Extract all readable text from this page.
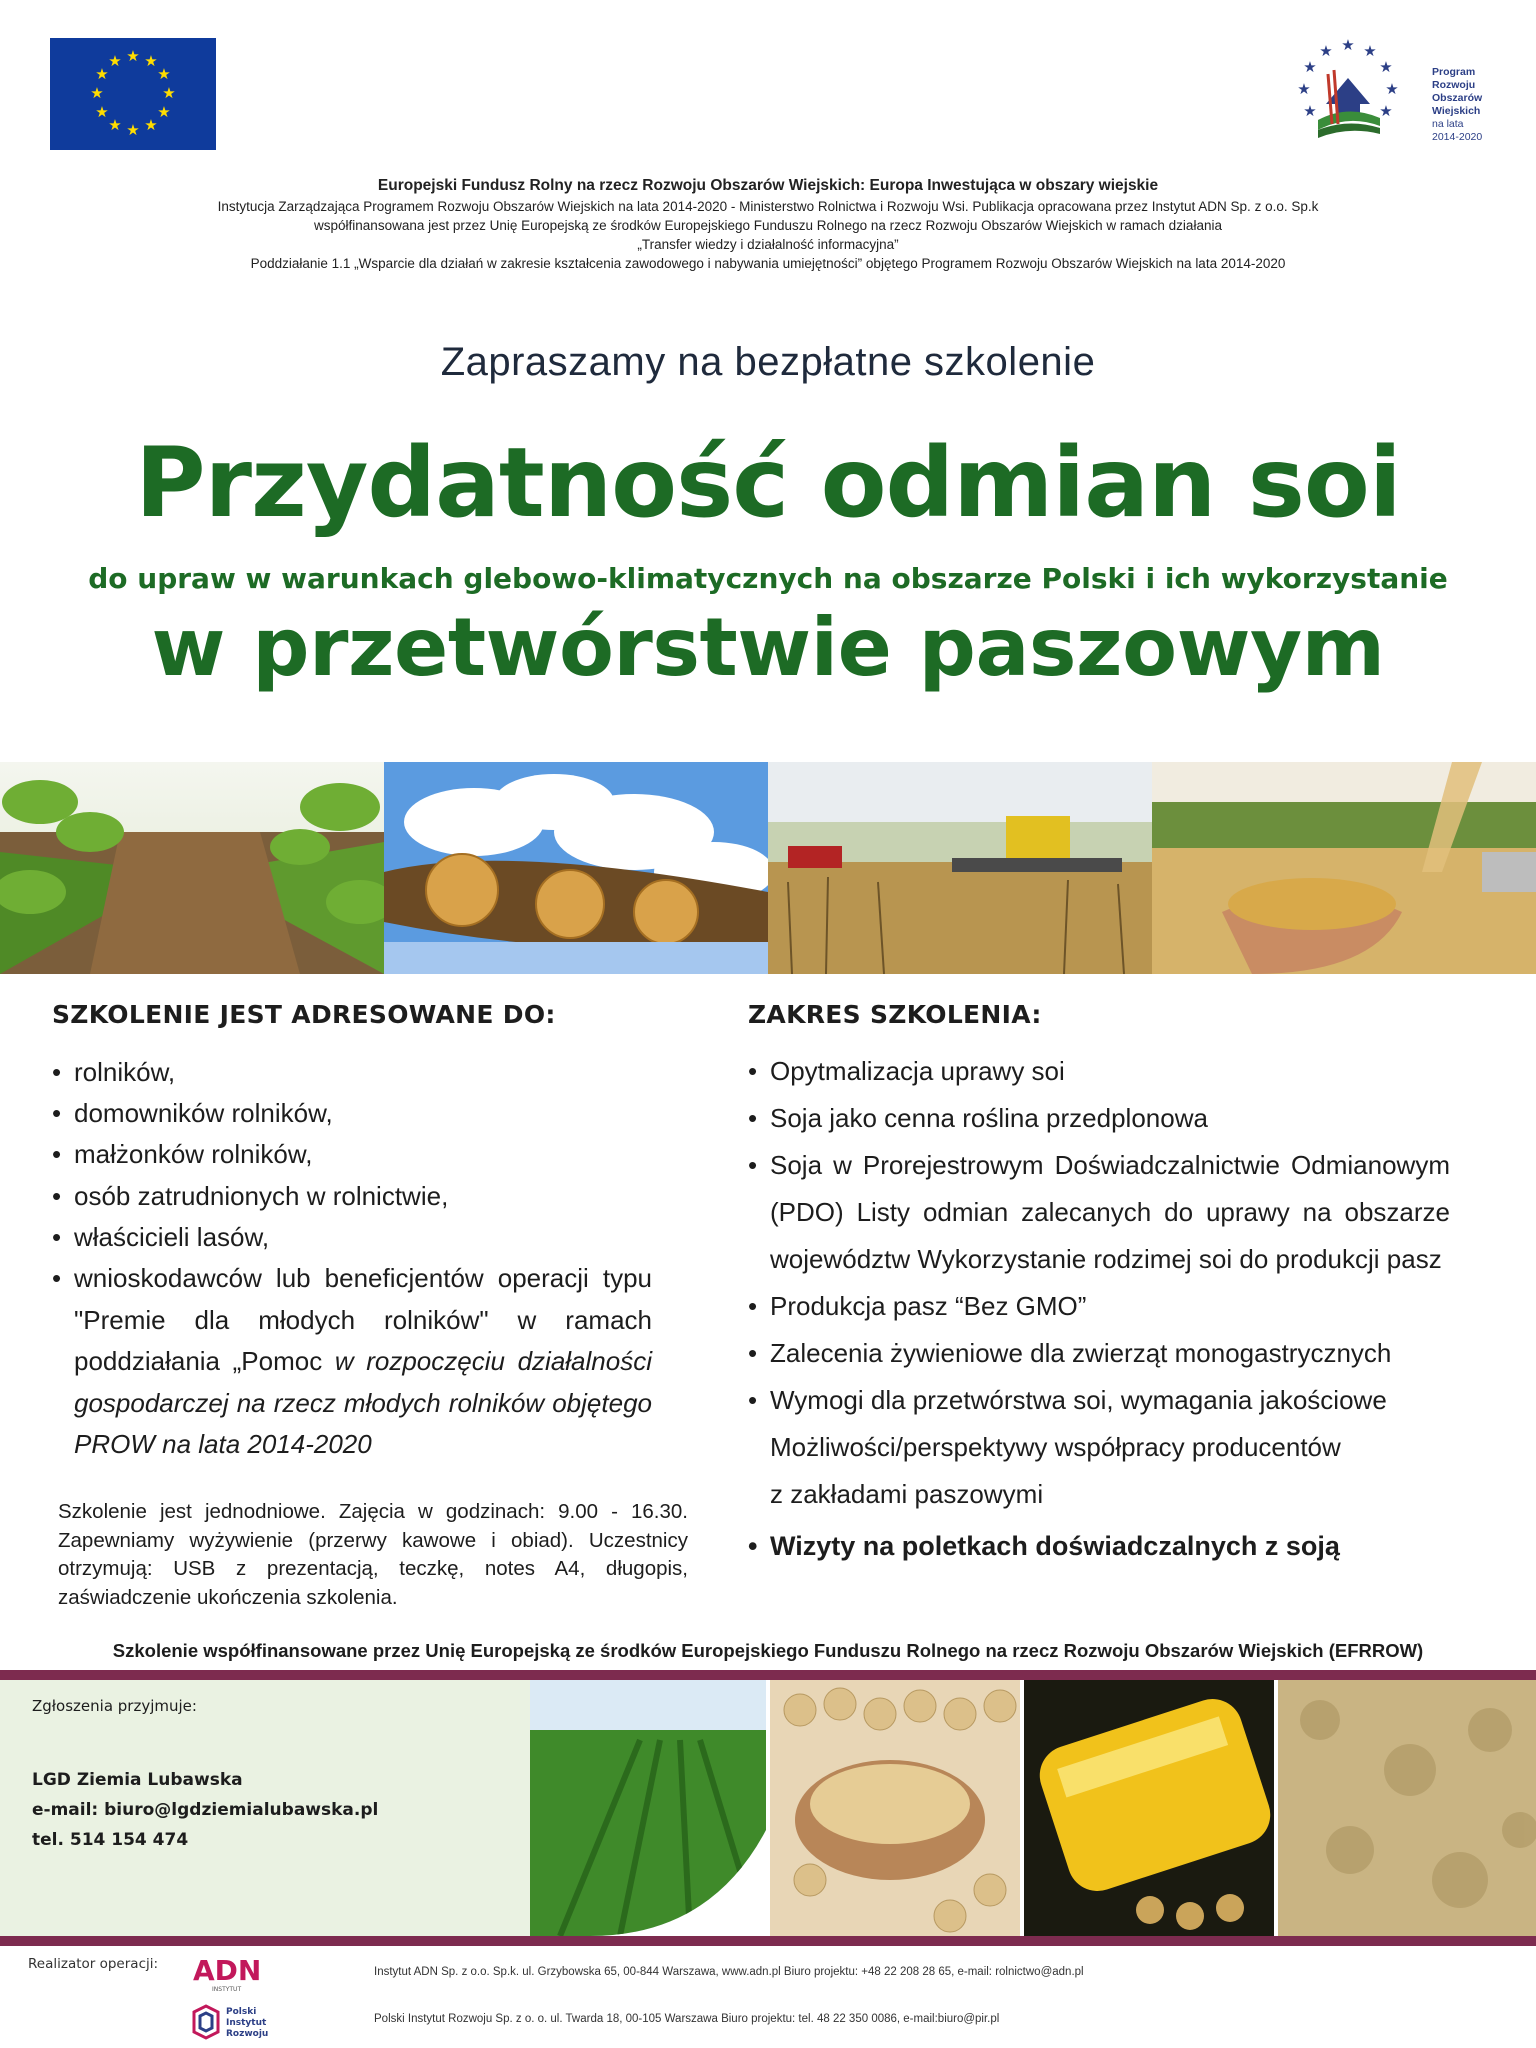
★ ★
★
★
★
★
★
★
★
★
★
★
★ ★
★
★
★
★
★
★
★
Program
Rozwoju
Obszarów
Wiejskich
na lata 2014-2020
Europejski Fundusz Rolny na rzecz Rozwoju Obszarów Wiejskich: Europa Inwestująca w obszary wiejskie
Instytucja Zarządzająca Programem Rozwoju Obszarów Wiejskich na lata 2014-2020 - Ministerstwo Rolnictwa i Rozwoju Wsi. Publikacja opracowana przez Instytut ADN Sp. z o.o. Sp.k
współfinansowana jest przez Unię Europejską ze środków Europejskiego Funduszu Rolnego na rzecz Rozwoju Obszarów Wiejskich w ramach działania
„Transfer wiedzy i działalność informacyjna”
Poddziałanie 1.1 „Wsparcie dla działań w zakresie kształcenia zawodowego i nabywania umiejętności” objętego Programem Rozwoju Obszarów Wiejskich na lata 2014-2020
Zapraszamy na bezpłatne szkolenie
Przydatność odmian soi
do upraw w warunkach glebowo-klimatycznych na obszarze Polski i ich wykorzystanie
w przetwórstwie paszowym
SZKOLENIE JEST ADRESOWANE DO:
• rolników,
• domowników rolników,
• małżonków rolników,
• osób zatrudnionych w rolnictwie,
• właścicieli lasów,
• wnioskodawców lub beneficjentów operacji typu "Premie dla młodych rolników" w ramach poddziałania „Pomoc w rozpoczęciu działalności gospodarczej na rzecz młodych rolników objętego PROW na lata 2014-2020
Szkolenie jest jednodniowe. Zajęcia w godzinach: 9.00 - 16.30. Zapewniamy wyżywienie (przerwy kawowe i obiad). Uczestnicy otrzymują: USB z prezentacją, teczkę, notes A4, długopis, zaświadczenie ukończenia szkolenia.
ZAKRES SZKOLENIA:
• Opytmalizacja uprawy soi
• Soja jako cenna roślina przedplonowa
• Soja w Prorejestrowym Doświadczalnictwie Odmianowym (PDO) Listy odmian zalecanych do uprawy na obszarze województw Wykorzystanie rodzimej soi do produkcji pasz
• Produkcja pasz “Bez GMO”
• Zalecenia żywieniowe dla zwierząt monogastrycznych
• Wymogi dla przetwórstwa soi, wymagania jakościowe
Możliwości/perspektywy współpracy producentów
z zakładami paszowymi
• Wizyty na poletkach doświadczalnych z soją
Szkolenie współfinansowane przez Unię Europejską ze środków Europejskiego Funduszu Rolnego na rzecz Rozwoju Obszarów Wiejskich (EFRROW)
Zgłoszenia przyjmuje:
LGD Ziemia Lubawska
e-mail: biuro@lgdziemialubawska.pl
tel. 514 154 474
Realizator operacji: ADN
INSTYTUT
Polski
Instytut
Rozwoju
Instytut ADN Sp. z o.o. Sp.k. ul. Grzybowska 65, 00-844 Warszawa, www.adn.pl Biuro projektu: +48 22 208 28 65, e-mail: rolnictwo@adn.pl
Polski Instytut Rozwoju Sp. z o. o. ul. Twarda 18, 00-105 Warszawa Biuro projektu: tel. 48 22 350 0086, e-mail:biuro@pir.pl
